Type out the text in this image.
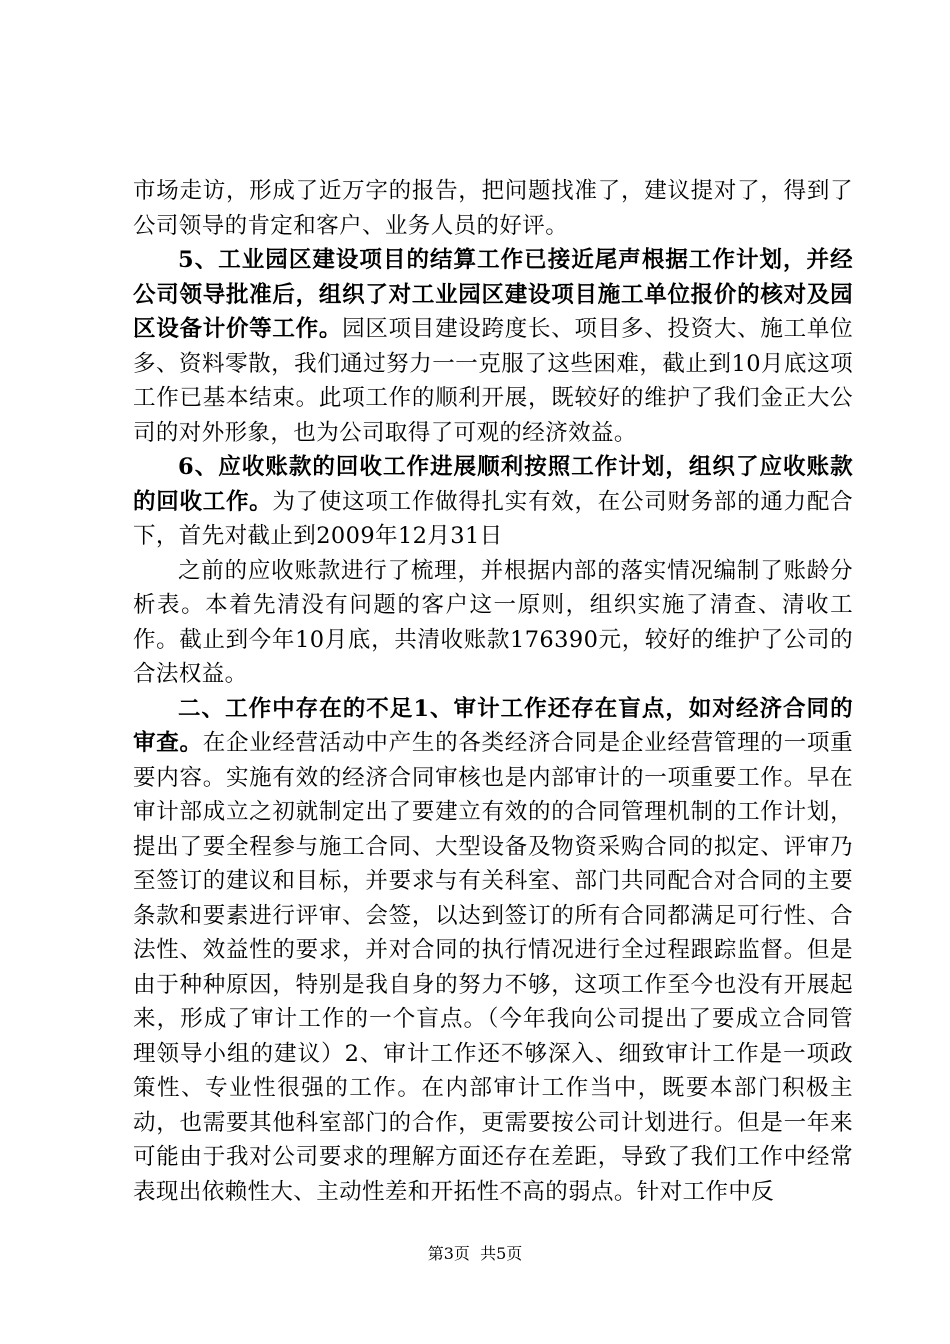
市场走访，形成了近万字的报告，把问题找准了，建议提对了，得到了公司领导的肯定和客户、业务人员的好评。

5、工业园区建设项目的结算工作已接近尾声根据工作计划，并经公司领导批准后，组织了对工业园区建设项目施工单位报价的核对及园区设备计价等工作。园区项目建设跨度长、项目多、投资大、施工单位多、资料零散，我们通过努力一一克服了这些困难，截止到10月底这项工作已基本结束。此项工作的顺利开展，既较好的维护了我们金正大公司的对外形象，也为公司取得了可观的经济效益。

6、应收账款的回收工作进展顺利按照工作计划，组织了应收账款的回收工作。为了使这项工作做得扎实有效，在公司财务部的通力配合下，首先对截止到2009年12月31日

之前的应收账款进行了梳理，并根据内部的落实情况编制了账龄分析表。本着先清没有问题的客户这一原则，组织实施了清查、清收工作。截止到今年10月底，共清收账款176390元，较好的维护了公司的合法权益。

二、工作中存在的不足1、审计工作还存在盲点，如对经济合同的审查。在企业经营活动中产生的各类经济合同是企业经营管理的一项重要内容。实施有效的经济合同审核也是内部审计的一项重要工作。早在审计部成立之初就制定出了要建立有效的的合同管理机制的工作计划，提出了要全程参与施工合同、大型设备及物资采购合同的拟定、评审乃至签订的建议和目标，并要求与有关科室、部门共同配合对合同的主要条款和要素进行评审、会签，以达到签订的所有合同都满足可行性、合法性、效益性的要求，并对合同的执行情况进行全过程跟踪监督。但是由于种种原因，特别是我自身的努力不够，这项工作至今也没有开展起来，形成了审计工作的一个盲点。（今年我向公司提出了要成立合同管理领导小组的建议）2、审计工作还不够深入、细致审计工作是一项政策性、专业性很强的工作。在内部审计工作当中，既要本部门积极主动，也需要其他科室部门的合作，更需要按公司计划进行。但是一年来可能由于我对公司要求的理解方面还存在差距，导致了我们工作中经常表现出依赖性大、主动性差和开拓性不高的弱点。针对工作中反

第3页  共5页
